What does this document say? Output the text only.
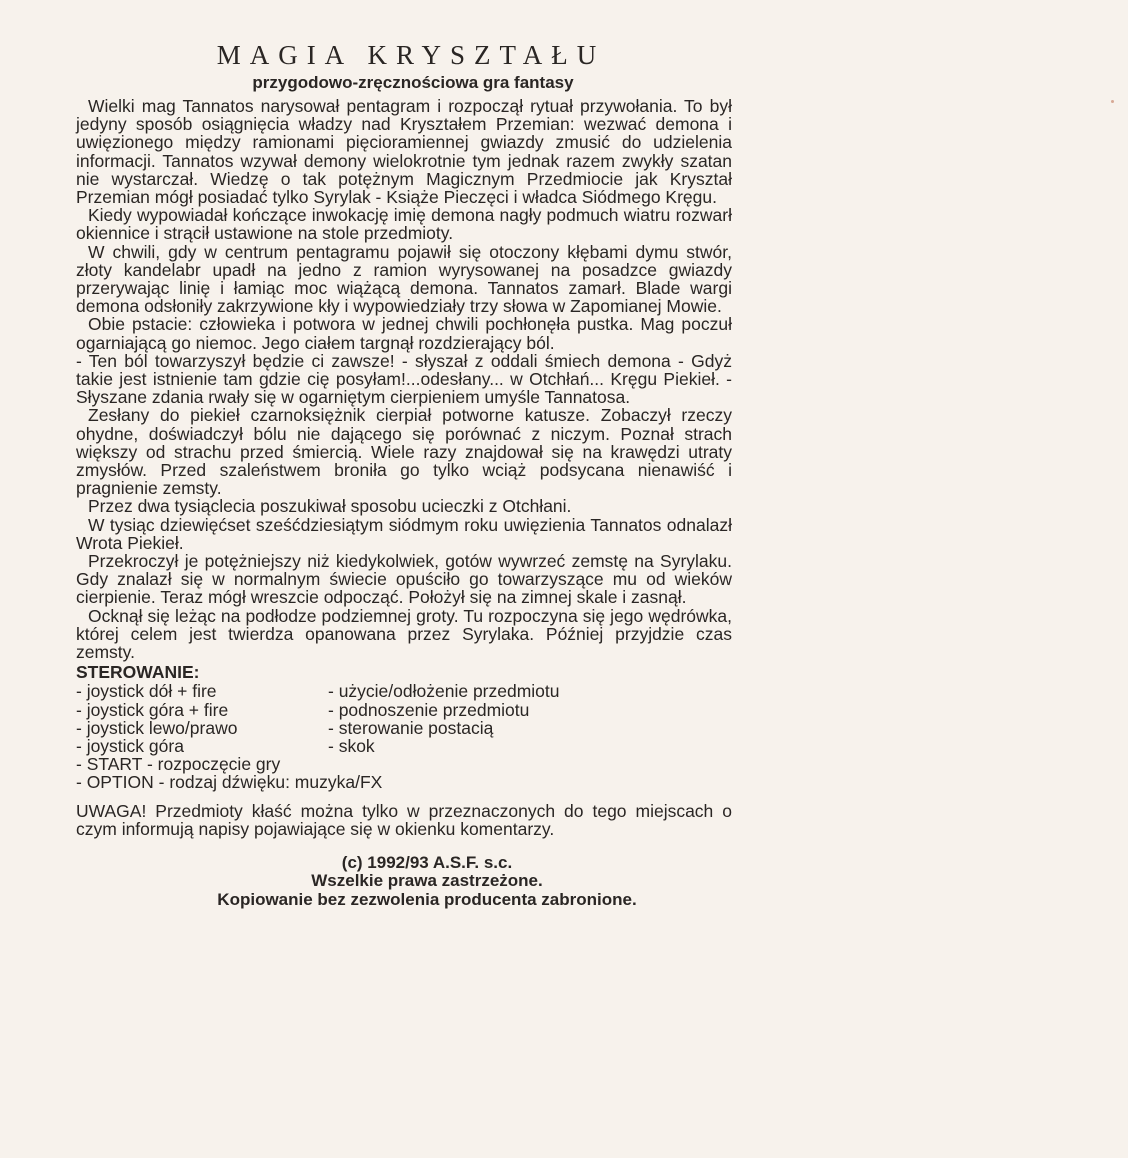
MAGIA KRYSZTAŁU
przygodowo-zręcznościowa gra fantasy

Wielki mag Tannatos narysował pentagram i rozpoczął rytuał przywołania. To był jedyny sposób osiągnięcia władzy nad Kryształem Przemian: wezwać demona i uwięzionego między ramionami pięcioramiennej gwiazdy zmusić do udzielenia informacji. Tannatos wzywał demony wielokrotnie tym jednak razem zwykły szatan nie wystarczał. Wiedzę o tak potężnym Magicznym Przedmiocie jak Kryształ Przemian mógł posiadać tylko Syrylak - Książe Pieczęci i władca Siódmego Kręgu.

Kiedy wypowiadał kończące inwokację imię demona nagły podmuch wiatru rozwarł okiennice i strącił ustawione na stole przedmioty.

W chwili, gdy w centrum pentagramu pojawił się otoczony kłębami dymu stwór, złoty kandelabr upadł na jedno z ramion wyrysowanej na posadzce gwiazdy przerywając linię i łamiąc moc wiążącą demona. Tannatos zamarł. Blade wargi demona odsłoniły zakrzywione kły i wypowiedziały trzy słowa w Zapomianej Mowie.

Obie pstacie: człowieka i potwora w jednej chwili pochłonęła pustka. Mag poczuł ogarniającą go niemoc. Jego ciałem targnął rozdzierający ból.

- Ten ból towarzyszył będzie ci zawsze! - słyszał z oddali śmiech demona - Gdyż takie jest istnienie tam gdzie cię posyłam!...odesłany... w Otchłań... Kręgu Piekieł. - Słyszane zdania rwały się w ogarniętym cierpieniem umyśle Tannatosa.

Zesłany do piekieł czarnoksiężnik cierpiał potworne katusze. Zobaczył rzeczy ohydne, doświadczył bólu nie dającego się porównać z niczym. Poznał strach większy od strachu przed śmiercią. Wiele razy znajdował się na krawędzi utraty zmysłów. Przed szaleństwem broniła go tylko wciąż podsycana nienawiść i pragnienie zemsty.

Przez dwa tysiąclecia poszukiwał sposobu ucieczki z Otchłani.

W tysiąc dziewięćset sześćdziesiątym siódmym roku uwięzienia Tannatos odnalazł Wrota Piekieł.

Przekroczył je potężniejszy niż kiedykolwiek, gotów wywrzeć zemstę na Syrylaku. Gdy znalazł się w normalnym świecie opuściło go towarzyszące mu od wieków cierpienie. Teraz mógł wreszcie odpocząć. Położył się na zimnej skale i zasnął.

Ocknął się leżąc na podłodze podziemnej groty. Tu rozpoczyna się jego wędrówka, której celem jest twierdza opanowana przez Syrylaka. Później przyjdzie czas zemsty.

STEROWANIE:
- joystick dół + fire	- użycie/odłożenie przedmiotu
- joystick góra + fire	- podnoszenie przedmiotu
- joystick lewo/prawo	- sterowanie postacią
- joystick góra	- skok
- START - rozpoczęcie gry
- OPTION - rodzaj dźwięku: muzyka/FX
UWAGA! Przedmioty kłaść można tylko w przeznaczonych do tego miejscach o czym informują napisy pojawiające się w okienku komentarzy.
(c) 1992/93 A.S.F. s.c.
Wszelkie prawa zastrzeżone.
Kopiowanie bez zezwolenia producenta zabronione.
